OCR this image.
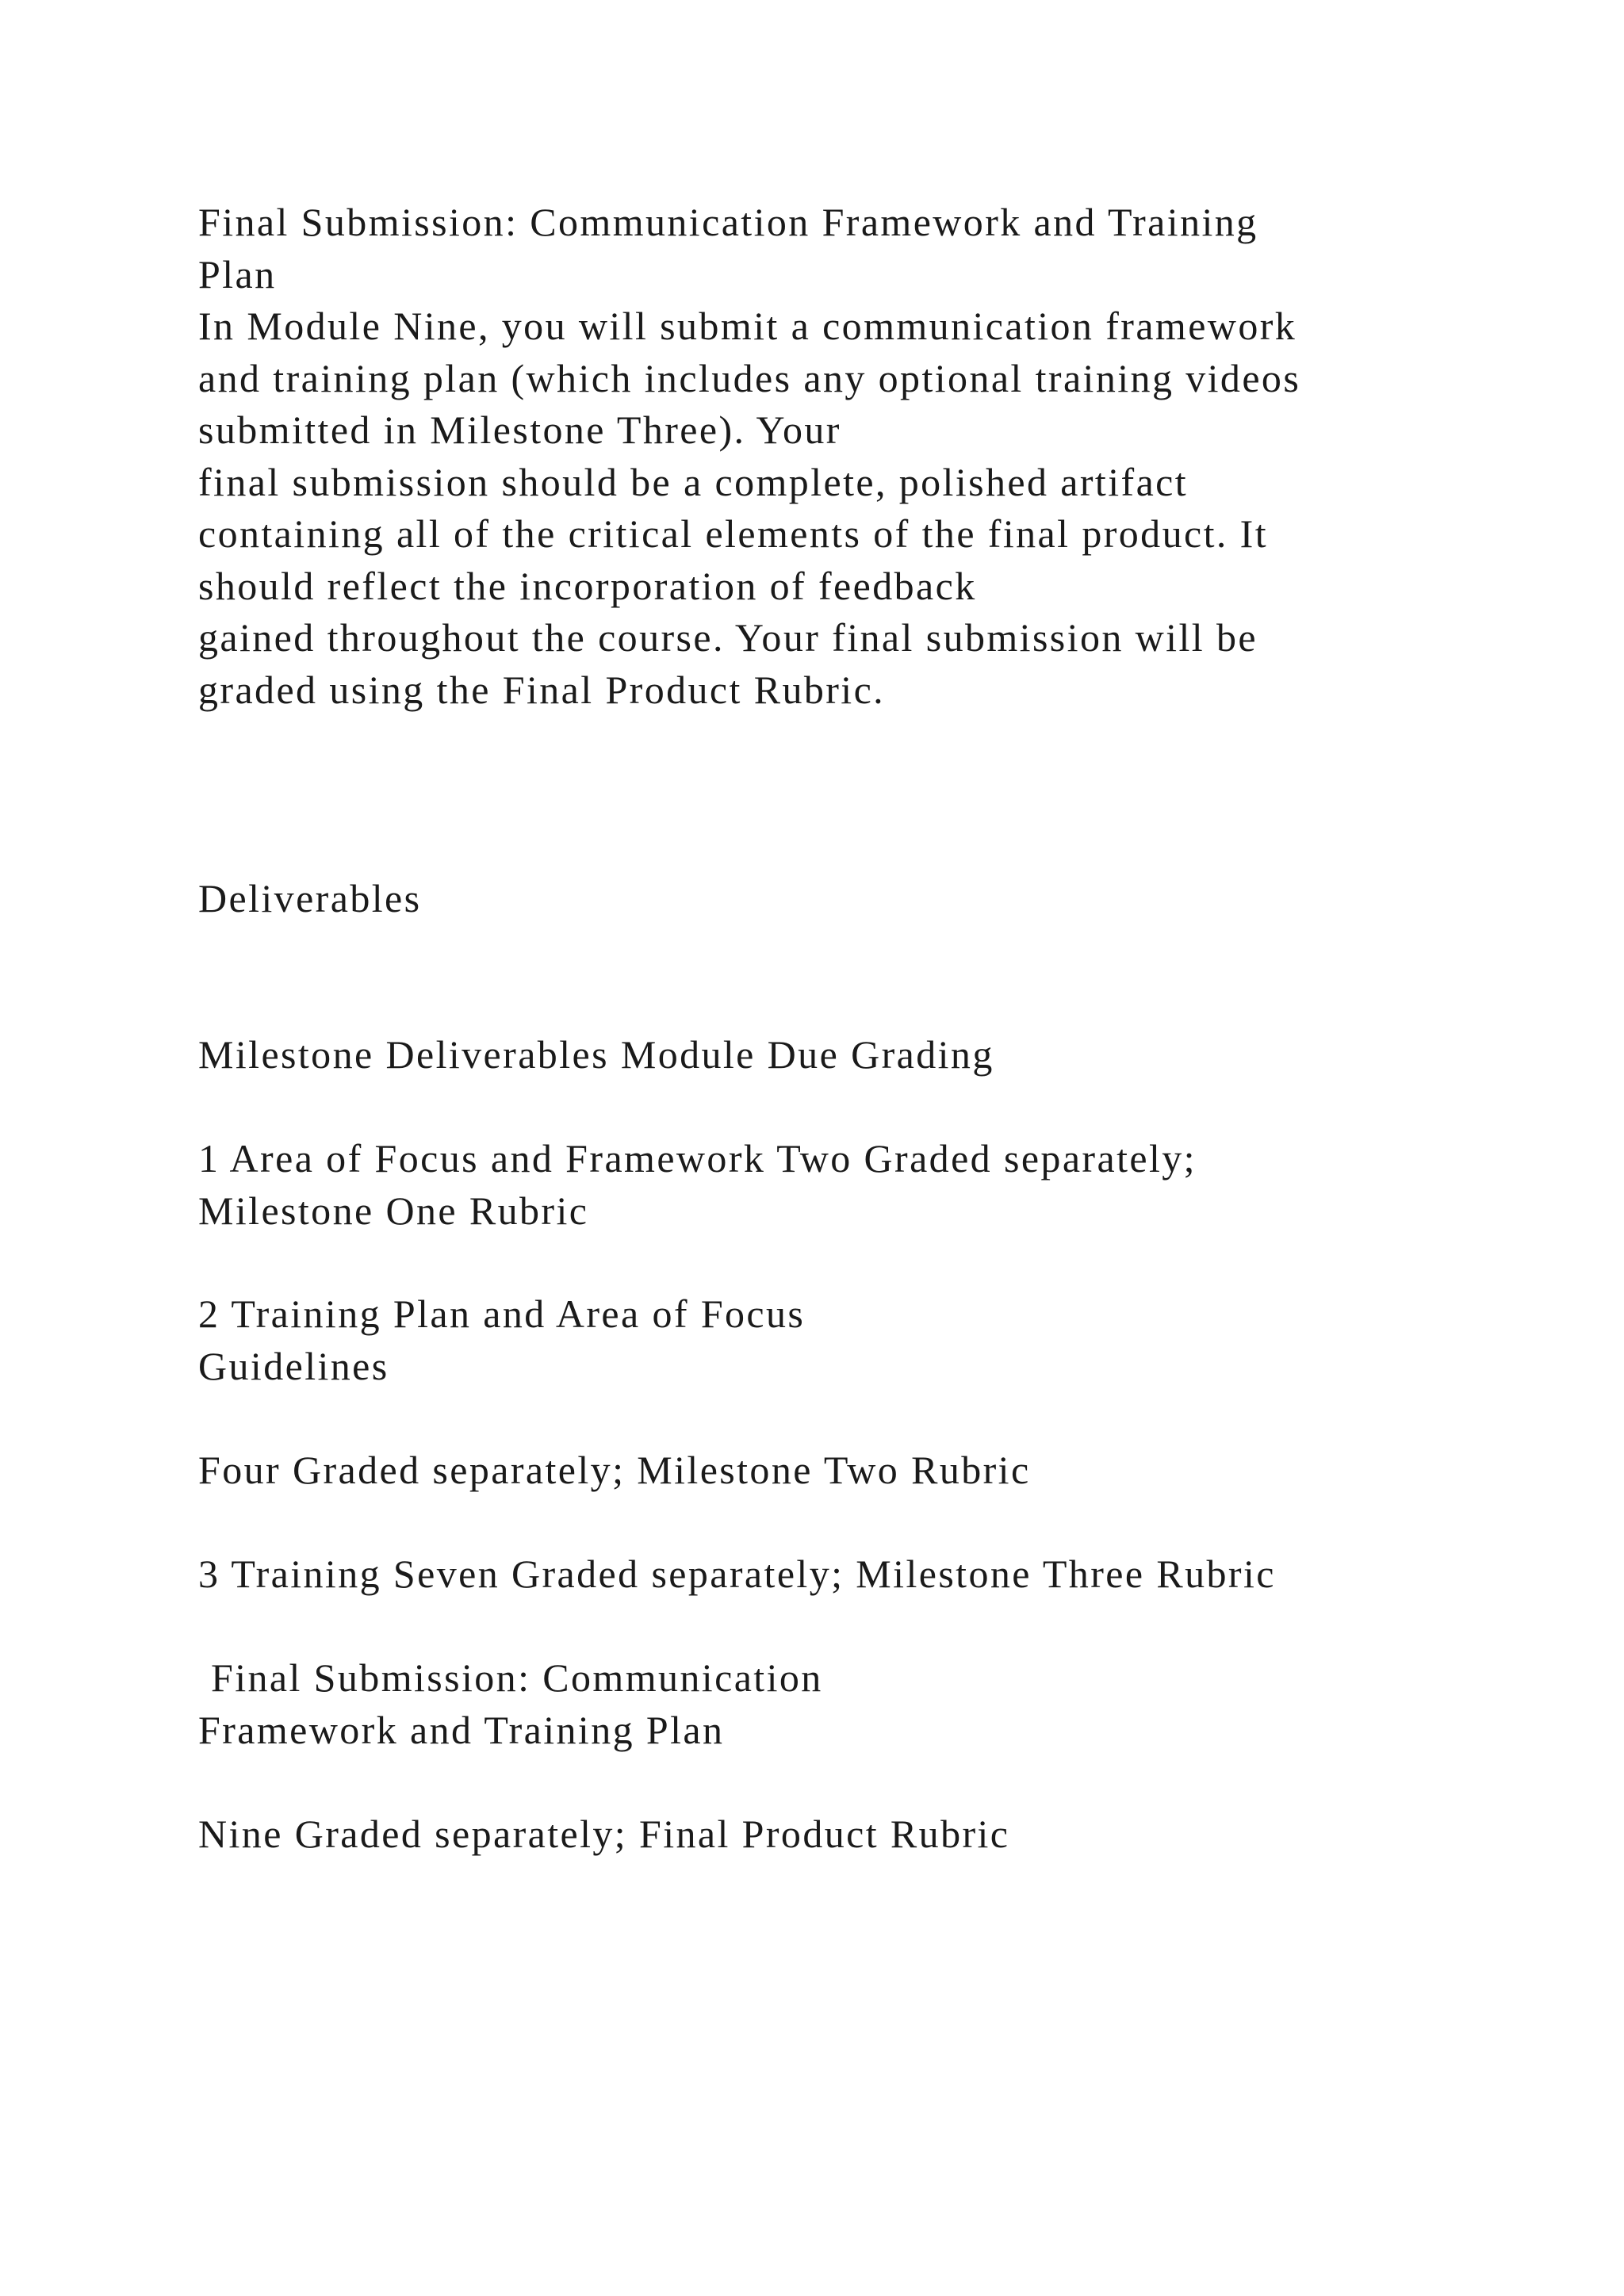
Final Submission: Communication Framework and Training
Plan
In Module Nine, you will submit a communication framework
and training plan (which includes any optional training videos
submitted in Milestone Three). Your
final submission should be a complete, polished artifact
containing all of the critical elements of the final product. It
should reflect the incorporation of feedback
gained throughout the course. Your final submission will be
graded using the Final Product Rubric.
Deliverables
Milestone Deliverables Module Due Grading
1 Area of Focus and Framework Two Graded separately;
Milestone One Rubric
2 Training Plan and Area of Focus
Guidelines
Four Graded separately; Milestone Two Rubric
3 Training Seven Graded separately; Milestone Three Rubric
Final Submission: Communication
Framework and Training Plan
Nine Graded separately; Final Product Rubric
